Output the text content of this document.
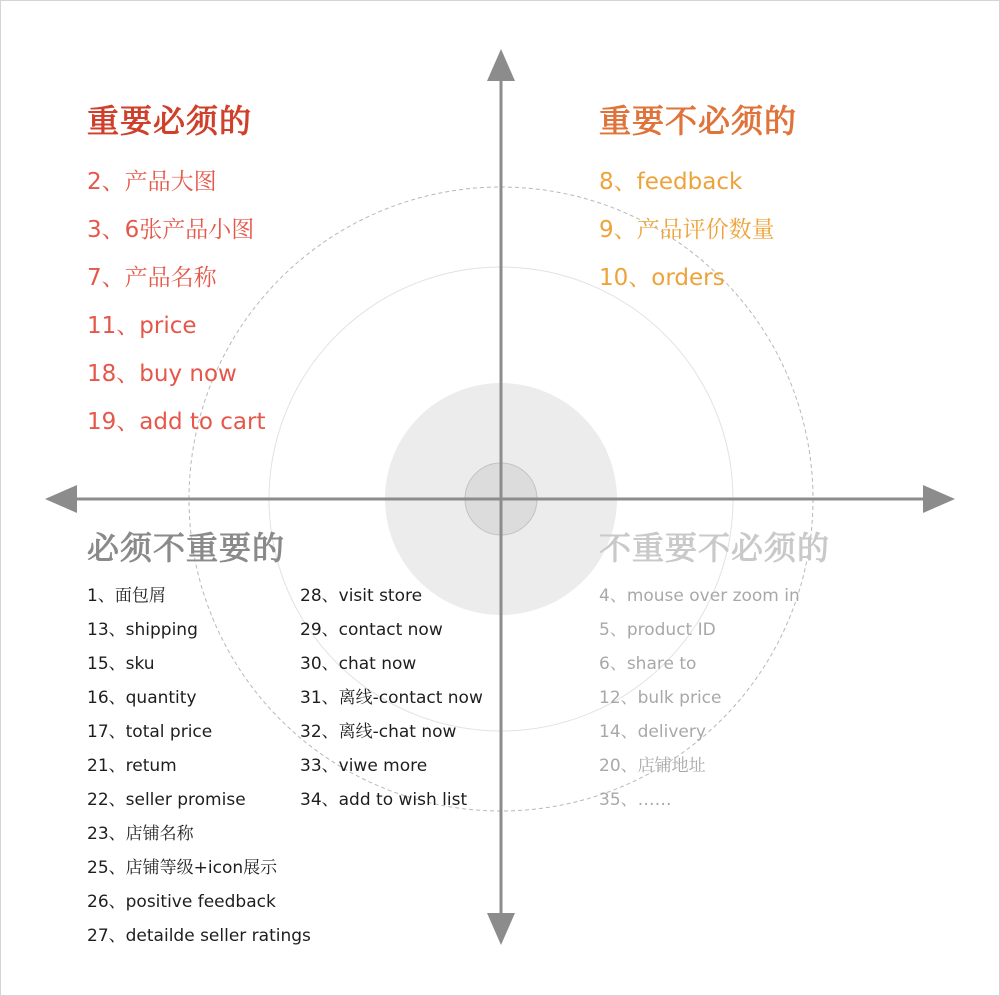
重要必须的
2、产品大图
3、6张产品小图
7、产品名称
11、price
18、buy now
19、add to cart
重要不必须的
8、feedback
9、产品评价数量
10、orders
必须不重要的
1、面包屑
13、shipping
15、sku
16、quantity
17、total price
21、retum
22、seller promise
23、店铺名称
25、店铺等级+icon展示
26、positive feedback
27、detailde seller ratings
28、visit store
29、contact now
30、chat now
31、离线-contact now
32、离线-chat now
33、viwe more
34、add to wish list
不重要不必须的
4、mouse over zoom in
5、product ID
6、share to
12、bulk price
14、delivery
20、店铺地址
35、……
